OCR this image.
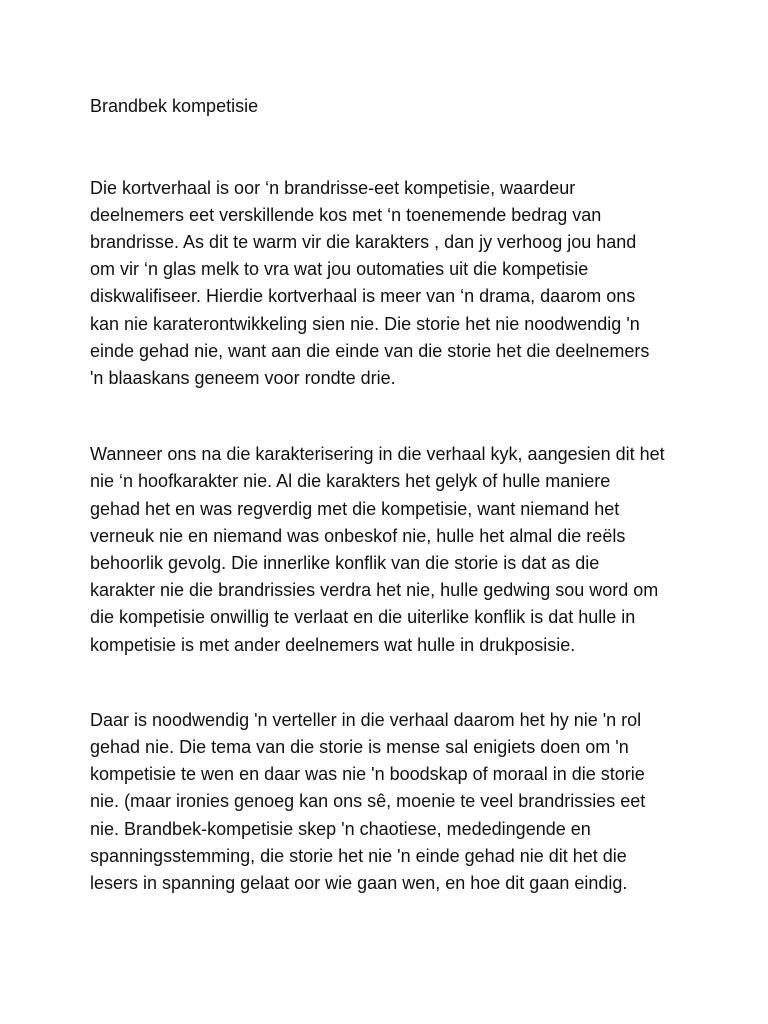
Brandbek kompetisie

Die kortverhaal is oor ‘n brandrisse-eet kompetisie, waardeur
deelnemers eet verskillende kos met ‘n toenemende bedrag van
brandrisse. As dit te warm vir die karakters , dan jy verhoog jou hand
om vir ‘n glas melk to vra wat jou outomaties uit die kompetisie
diskwalifiseer. Hierdie kortverhaal is meer van ‘n drama, daarom ons
kan nie karaterontwikkeling sien nie. Die storie het nie noodwendig 'n
einde gehad nie, want aan die einde van die storie het die deelnemers
'n blaaskans geneem voor rondte drie.

Wanneer ons na die karakterisering in die verhaal kyk, aangesien dit het
nie ‘n hoofkarakter nie. Al die karakters het gelyk of hulle maniere
gehad het en was regverdig met die kompetisie, want niemand het
verneuk nie en niemand was onbeskof nie, hulle het almal die reëls
behoorlik gevolg. Die innerlike konflik van die storie is dat as die
karakter nie die brandrissies verdra het nie, hulle gedwing sou word om
die kompetisie onwillig te verlaat en die uiterlike konflik is dat hulle in
kompetisie is met ander deelnemers wat hulle in drukposisie.

Daar is noodwendig 'n verteller in die verhaal daarom het hy nie 'n rol
gehad nie. Die tema van die storie is mense sal enigiets doen om 'n
kompetisie te wen en daar was nie 'n boodskap of moraal in die storie
nie. (maar ironies genoeg kan ons sê, moenie te veel brandrissies eet
nie. Brandbek-kompetisie skep 'n chaotiese, mededingende en
spanningsstemming, die storie het nie 'n einde gehad nie dit het die
lesers in spanning gelaat oor wie gaan wen, en hoe dit gaan eindig.
